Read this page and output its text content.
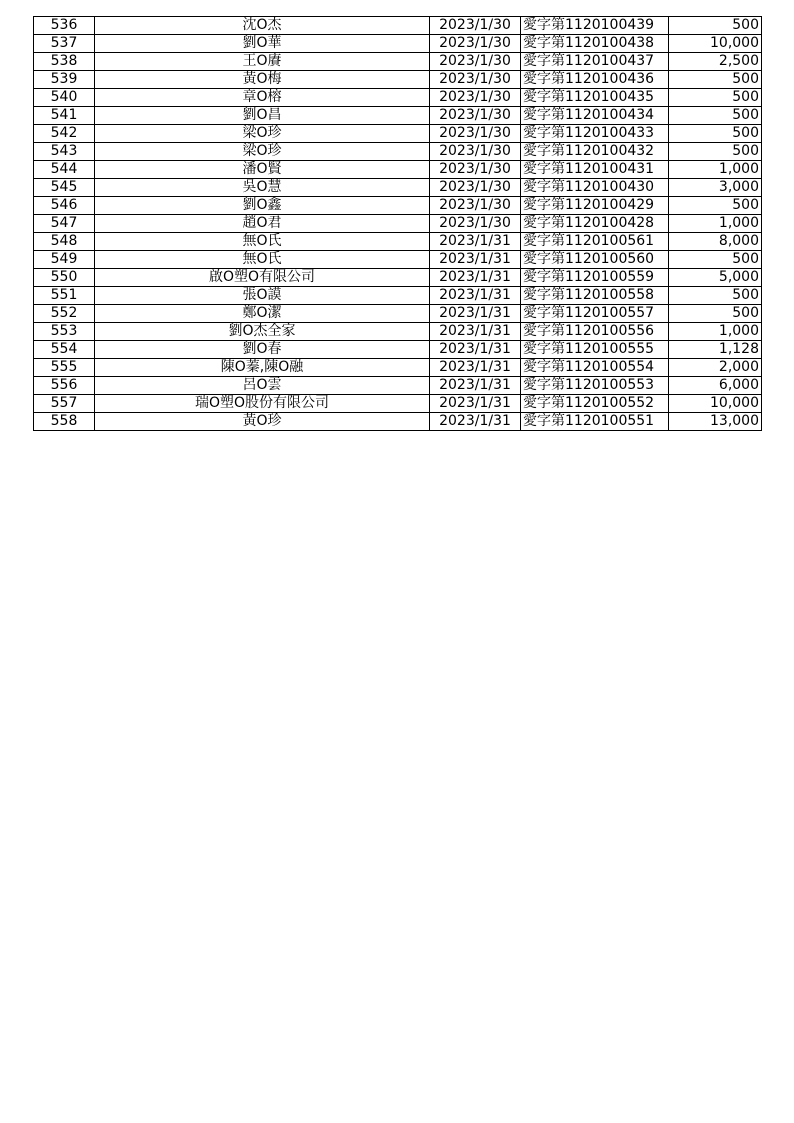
536	沈O杰	2023/1/30	愛字第1120100439	500
537	劉O華	2023/1/30	愛字第1120100438	10,000
538	王O賡	2023/1/30	愛字第1120100437	2,500
539	黃O梅	2023/1/30	愛字第1120100436	500
540	章O榕	2023/1/30	愛字第1120100435	500
541	劉O昌	2023/1/30	愛字第1120100434	500
542	梁O珍	2023/1/30	愛字第1120100433	500
543	梁O珍	2023/1/30	愛字第1120100432	500
544	潘O賢	2023/1/30	愛字第1120100431	1,000
545	吳O慧	2023/1/30	愛字第1120100430	3,000
546	劉O鑫	2023/1/30	愛字第1120100429	500
547	趙O君	2023/1/30	愛字第1120100428	1,000
548	無O氏	2023/1/31	愛字第1120100561	8,000
549	無O氏	2023/1/31	愛字第1120100560	500
550	啟O塑O有限公司	2023/1/31	愛字第1120100559	5,000
551	張O謨	2023/1/31	愛字第1120100558	500
552	鄭O潔	2023/1/31	愛字第1120100557	500
553	劉O杰全家	2023/1/31	愛字第1120100556	1,000
554	劉O春	2023/1/31	愛字第1120100555	1,128
555	陳O蓁,陳O融	2023/1/31	愛字第1120100554	2,000
556	呂O雲	2023/1/31	愛字第1120100553	6,000
557	瑞O塑O股份有限公司	2023/1/31	愛字第1120100552	10,000
558	黃O珍	2023/1/31	愛字第1120100551	13,000
